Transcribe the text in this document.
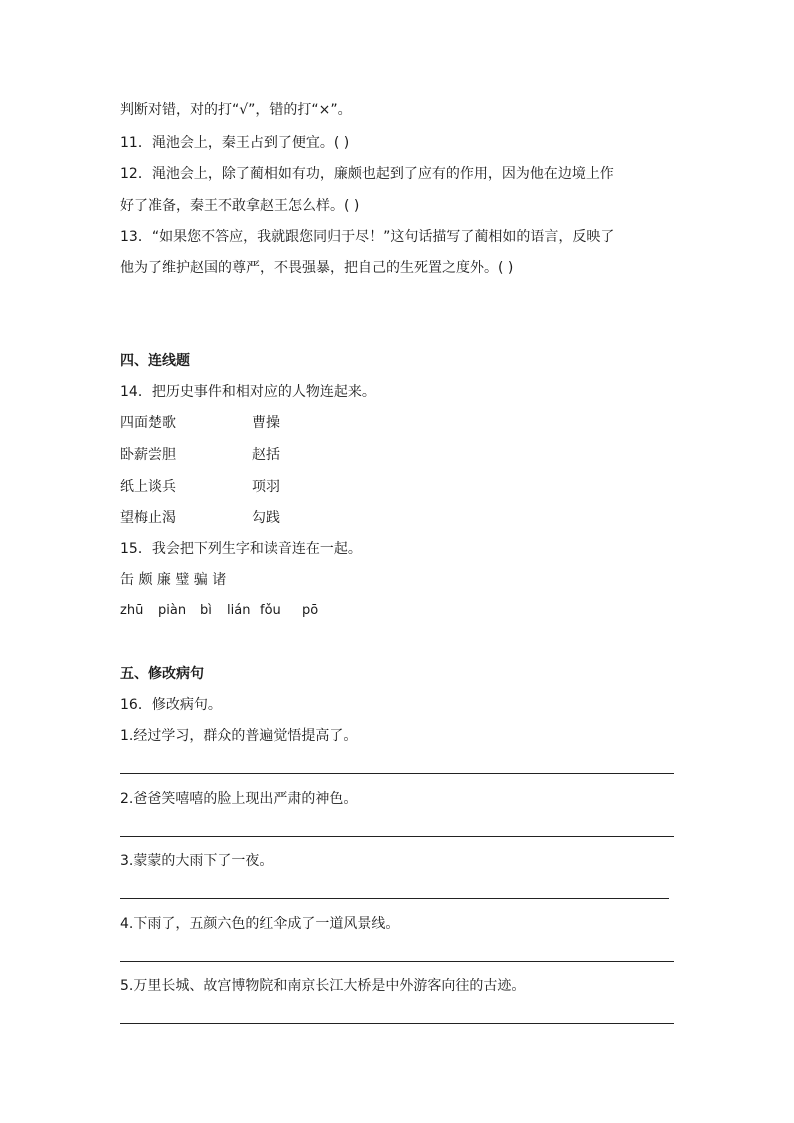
判断对错，对的打“√”，错的打“×”。
11．渑池会上，秦王占到了便宜。( )
12．渑池会上，除了蔺相如有功，廉颇也起到了应有的作用，因为他在边境上作
好了准备，秦王不敢拿赵王怎么样。( )
13．“如果您不答应，我就跟您同归于尽！”这句话描写了蔺相如的语言，反映了
他为了维护赵国的尊严，不畏强暴，把自己的生死置之度外。( )
四、连线题
14．把历史事件和相对应的人物连起来。
四面楚歌	曹操
卧薪尝胆	赵括
纸上谈兵	项羽
望梅止渴	勾践
15．我会把下列生字和读音连在一起。
缶 颇 廉 璧 骗 诸
zhū piàn bì lián fǒu pō
五、修改病句
16．修改病句。
1.经过学习，群众的普遍觉悟提高了。
2.爸爸笑嘻嘻的脸上现出严肃的神色。
3.蒙蒙的大雨下了一夜。
4.下雨了，五颜六色的红伞成了一道风景线。
5.万里长城、故宫博物院和南京长江大桥是中外游客向往的古迹。
